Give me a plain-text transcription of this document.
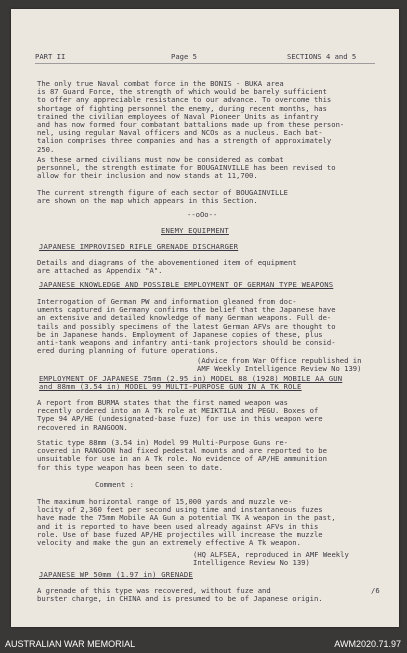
PART II	Page 5	SECTIONS 4 and 5
The only true Naval combat force in the BONIS - BUKA area
is 87 Guard Force, the strength of which would be barely sufficient
to offer any appreciable resistance to our advance. To overcome this
shortage of fighting personnel the enemy, during recent months, has
trained the civilian employees of Naval Pioneer Units as infantry
and has now formed four combatant battalions made up from these person-
nel, using regular Naval officers and NCOs as a nucleus. Each bat-
talion comprises three companies and has a strength of approximately
250.
As these armed civilians must now be considered as combat
personnel, the strength estimate for BOUGAINVILLE has been revised to
allow for their inclusion and now stands at 11,700.
The current strength figure of each sector of BOUGAINVILLE
are shown on the map which appears in this Section.
--oOo--
ENEMY EQUIPMENT
JAPANESE IMPROVISED RIFLE GRENADE DISCHARGER
Details and diagrams of the abovementioned item of equipment
are attached as Appendix "A".
JAPANESE KNOWLEDGE AND POSSIBLE EMPLOYMENT OF GERMAN TYPE WEAPONS
Interrogation of German PW and information gleaned from doc-
uments captured in Germany confirms the belief that the Japanese have
an extensive and detailed knowledge of many German weapons. Full de-
tails and possibly specimens of the latest German AFVs are thought to
be in Japanese hands. Employment of Japanese copies of these, plus
anti-tank weapons and infantry anti-tank projectors should be consid-
ered during planning of future operations.
(Advice from War Office republished in
AMF Weekly Intelligence Review No 139)
EMPLOYMENT OF JAPANESE 75mm (2.95 in) MODEL 88 (1928) MOBILE AA GUN
and 88mm (3.54 in) MODEL 99 MULTI-PURPOSE GUN IN A TK ROLE
A report from BURMA states that the first named weapon was
recently ordered into an A Tk role at MEIKTILA and PEGU. Boxes of
Type 94 AP/HE (undesignated-base fuze) for use in this weapon were
recovered in RANGOON.
Static type 88mm (3.54 in) Model 99 Multi-Purpose Guns re-
covered in RANGOON had fixed pedestal mounts and are reported to be
unsuitable for use in an A Tk role. No evidence of AP/HE ammunition
for this type weapon has been seen to date.
Comment :
The maximum horizontal range of 15,000 yards and muzzle ve-
locity of 2,360 feet per second using time and instantaneous fuzes
have made the 75mm Mobile AA Gun a potential TK A weapon in the past,
and it is reported to have been used already against AFVs in this
role. Use of base fuzed AP/HE projectiles will increase the muzzle
velocity and make the gun an extremely effective A Tk weapon.
(HQ ALFSEA, reproduced in AMF Weekly
Intelligence Review No 139)
JAPANESE WP 50mm (1.97 in) GRENADE
A grenade of this type was recovered, without fuze and
burster charge, in CHINA and is presumed to be of Japanese origin.
/6
AUSTRALIAN WAR MEMORIAL	AWM2020.71.97
